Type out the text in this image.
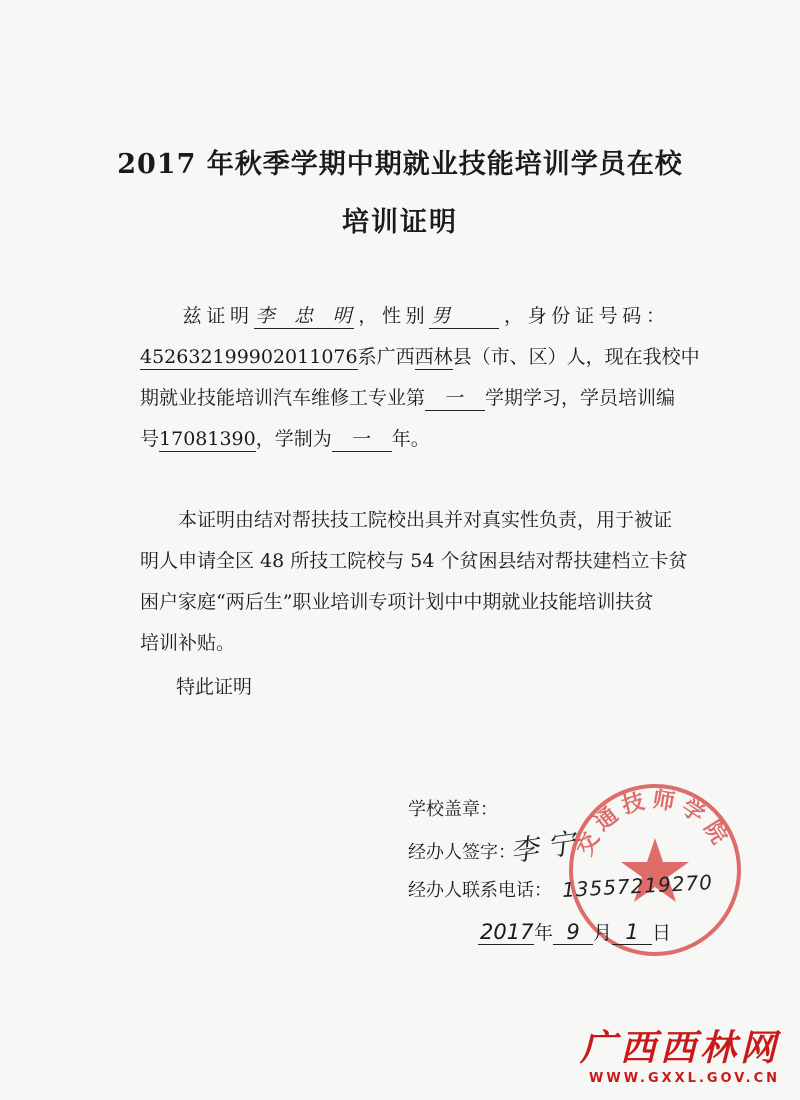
2017 年秋季学期中期就业技能培训学员在校
培训证明
兹证明 李忠明 ，性别 男	，身份证号码：
452632199902011076系广西西林县（市、区）人，现在我校中
期就业技能培训汽车维修工专业第 一 学期学习，学员培训编
号17081390，学制为 一 年。
本证明由结对帮扶技工院校出具并对真实性负责，用于被证
明人申请全区 48 所技工院校与 54 个贫困县结对帮扶建档立卡贫
困户家庭“两后生”职业培训专项计划中中期就业技能培训扶贫
培训补贴。
特此证明
交通技师学院
学校盖章：
经办人签字：
经办人联系电话：
李 宁
13557219270
2017年 9 月 1 日
广西西林网
WWW.GXXL.GOV.CN
